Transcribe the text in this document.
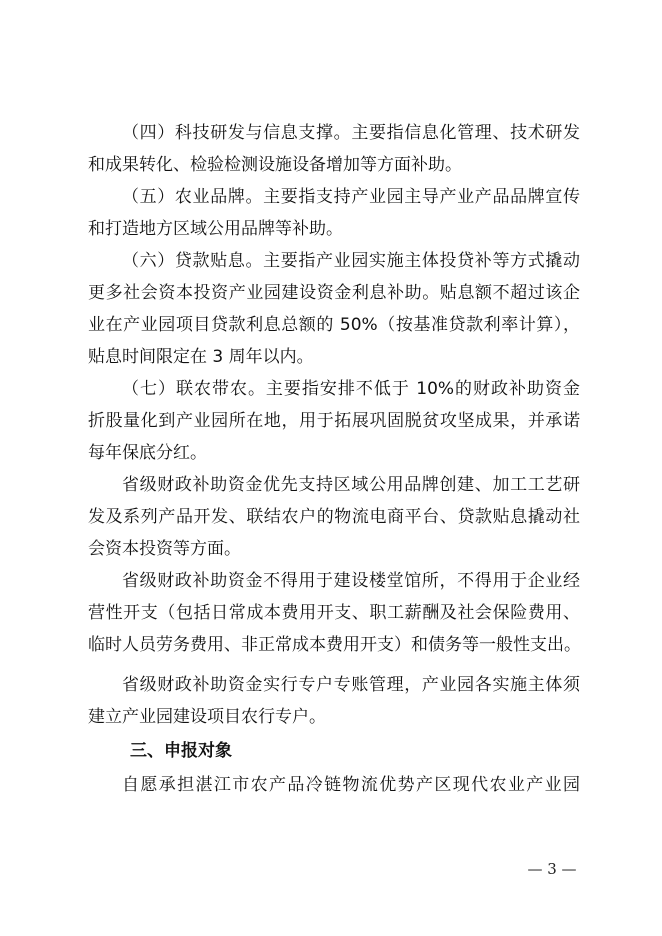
（四）科技研发与信息支撑。主要指信息化管理、技术研发
和成果转化、检验检测设施设备增加等方面补助。
（五）农业品牌。主要指支持产业园主导产业产品品牌宣传
和打造地方区域公用品牌等补助。
（六）贷款贴息。主要指产业园实施主体投贷补等方式撬动
更多社会资本投资产业园建设资金利息补助。贴息额不超过该企
业在产业园项目贷款利息总额的 50%（按基准贷款利率计算），
贴息时间限定在 3 周年以内。
（七）联农带农。主要指安排不低于 10%的财政补助资金
折股量化到产业园所在地，用于拓展巩固脱贫攻坚成果，并承诺
每年保底分红。
省级财政补助资金优先支持区域公用品牌创建、加工工艺研
发及系列产品开发、联结农户的物流电商平台、贷款贴息撬动社
会资本投资等方面。
省级财政补助资金不得用于建设楼堂馆所，不得用于企业经
营性开支（包括日常成本费用开支、职工薪酬及社会保险费用、
临时人员劳务费用、非正常成本费用开支）和债务等一般性支出。
省级财政补助资金实行专户专账管理，产业园各实施主体须
建立产业园建设项目农行专户。
三、申报对象
自愿承担湛江市农产品冷链物流优势产区现代农业产业园
— 3 —
